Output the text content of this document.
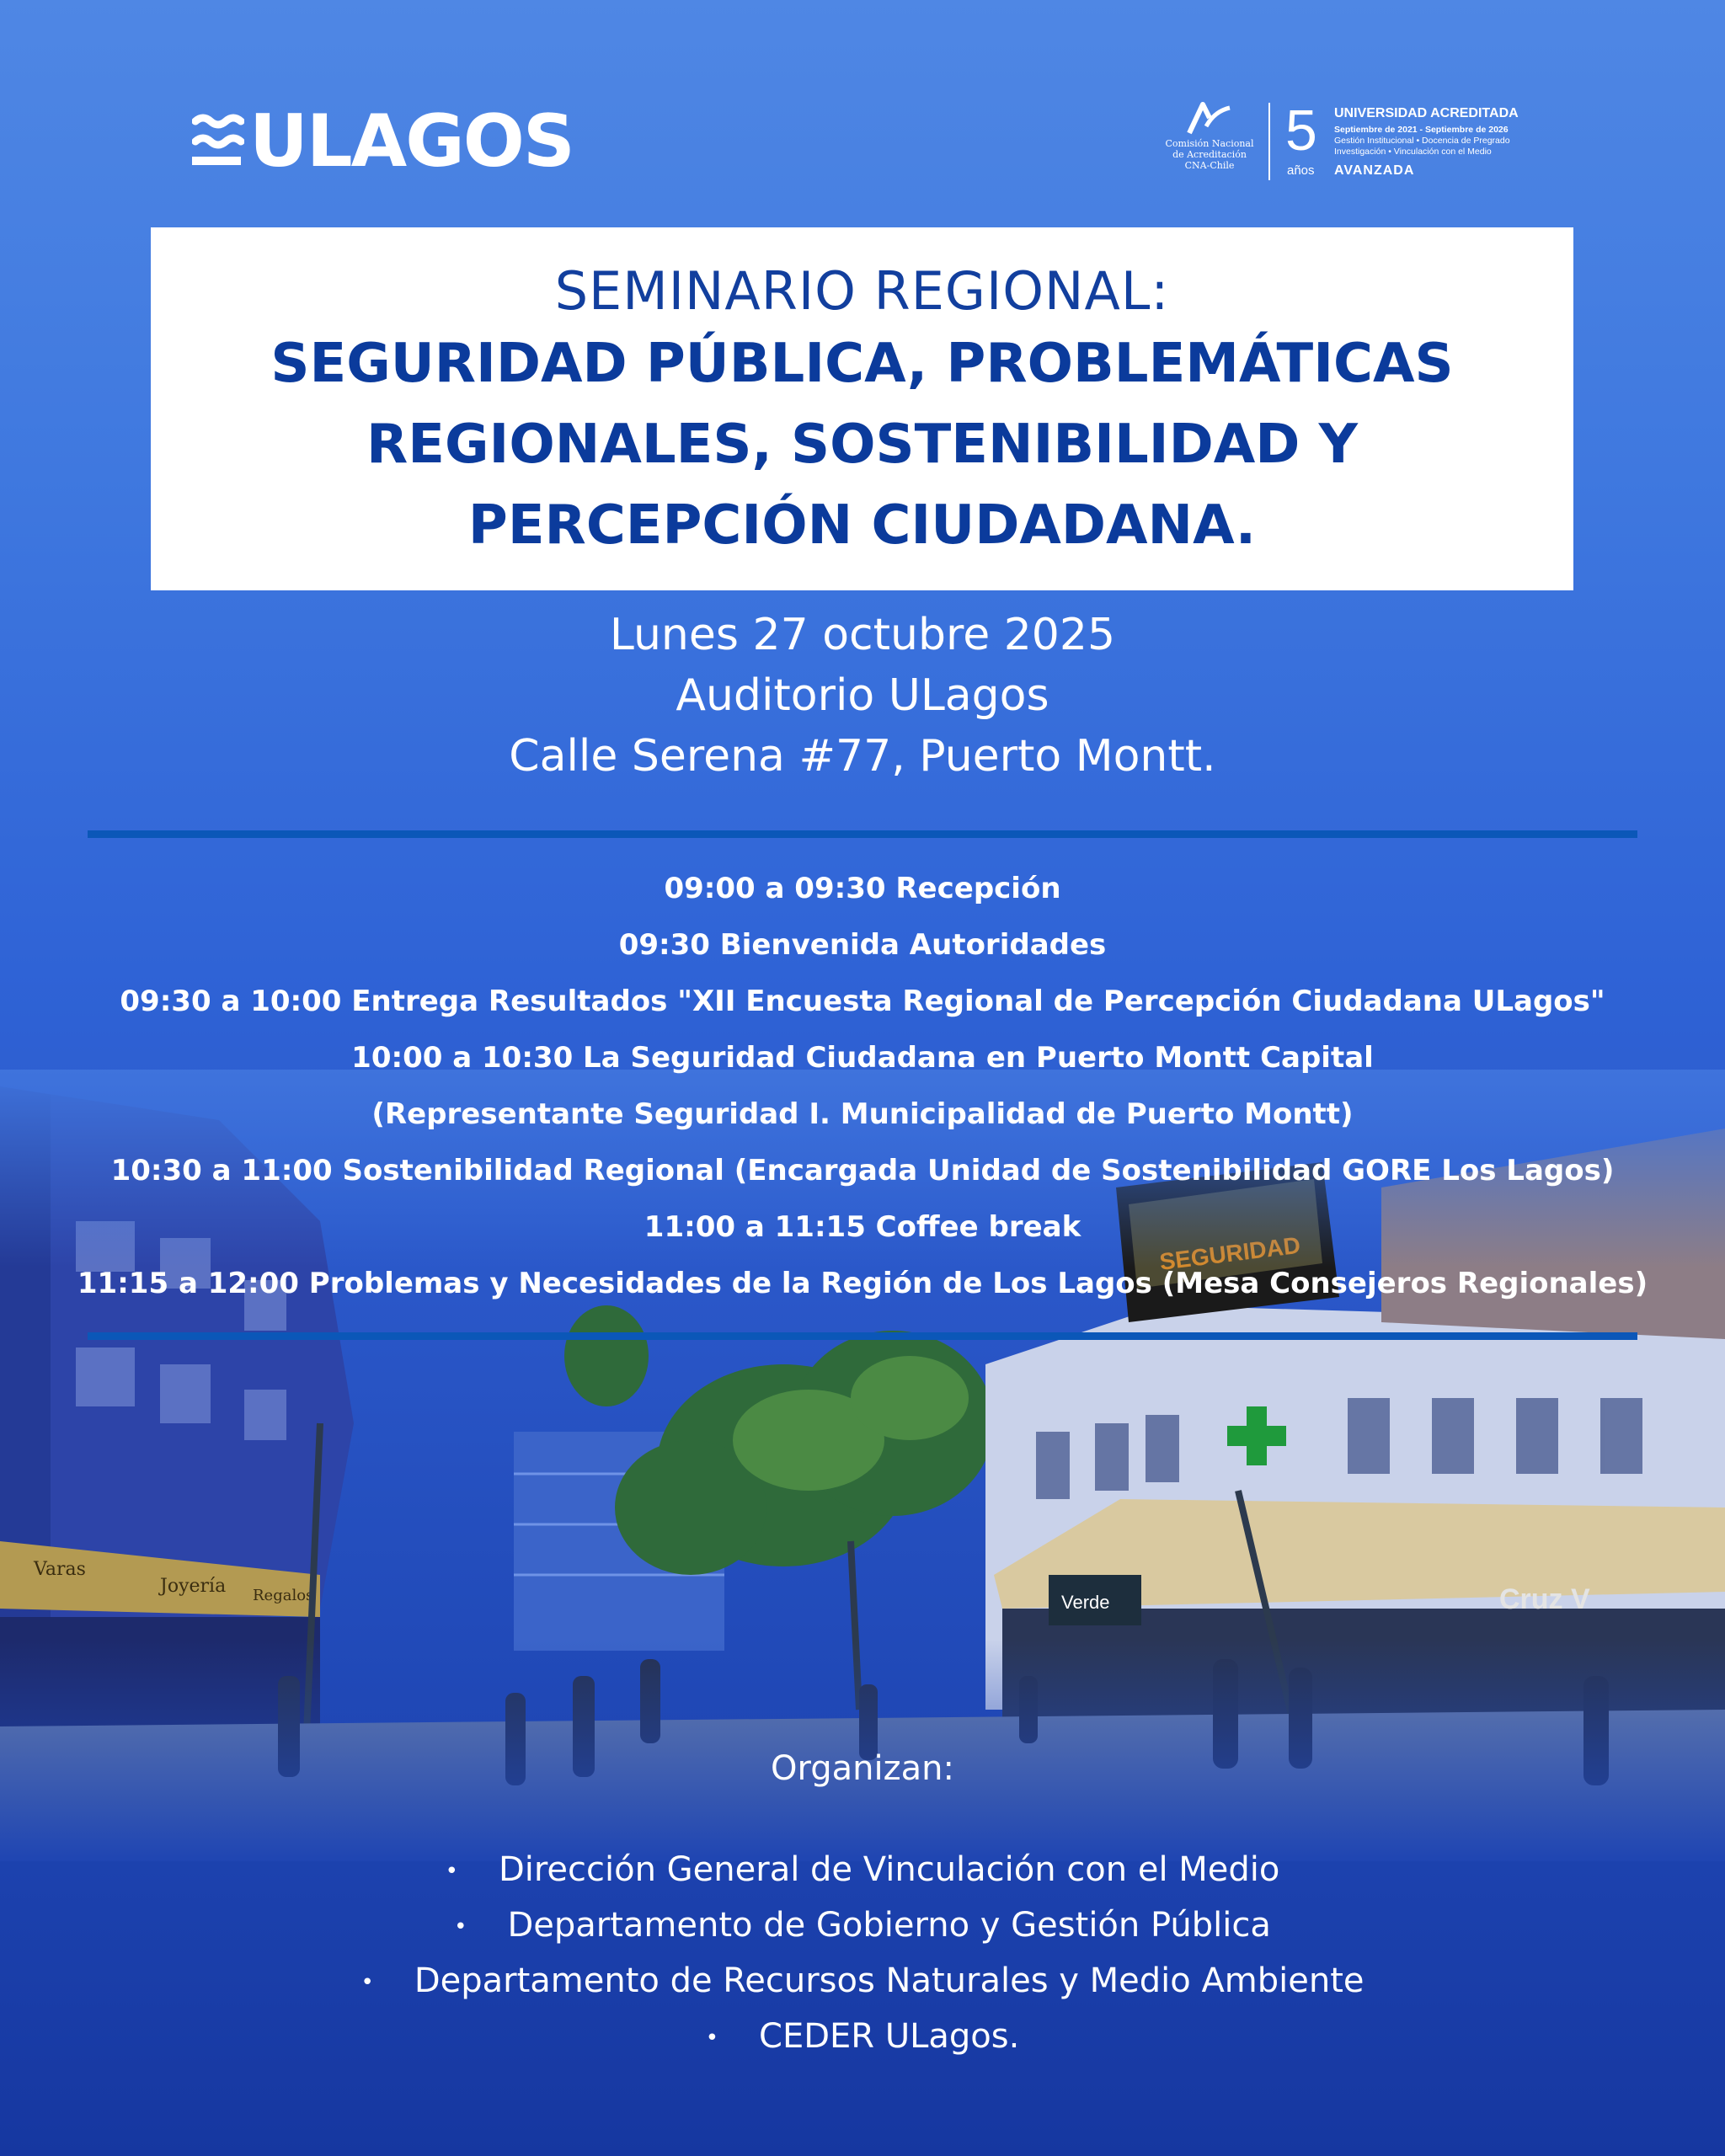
ULAGOS	Comisión Nacional
de Acreditación
CNA-Chile
5
años
UNIVERSIDAD ACREDITADA
Septiembre de 2021 - Septiembre de 2026
Gestión Institucional • Docencia de Pregrado
Investigación • Vinculación con el Medio
AVANZADA
SEMINARIO REGIONAL:
SEGURIDAD PÚBLICA, PROBLEMÁTICAS
REGIONALES, SOSTENIBILIDAD Y
PERCEPCIÓN CIUDADANA.
Lunes 27 octubre 2025
Auditorio ULagos
Calle Serena #77, Puerto Montt.
09:00 a 09:30 Recepción
09:30 Bienvenida Autoridades
09:30 a 10:00 Entrega Resultados "XII Encuesta Regional de Percepción Ciudadana ULagos"
10:00 a 10:30 La Seguridad Ciudadana en Puerto Montt Capital
(Representante Seguridad I. Municipalidad de Puerto Montt)
10:30 a 11:00 Sostenibilidad Regional (Encargada Unidad de Sostenibilidad GORE Los Lagos)
11:00 a 11:15 Coffee break
11:15 a 12:00 Problemas y Necesidades de la Región de Los Lagos (Mesa Consejeros Regionales)
Organizan:
• Dirección General de Vinculación con el Medio
• Departamento de Gobierno y Gestión Pública
• Departamento de Recursos Naturales y Medio Ambiente
• CEDER ULagos.
